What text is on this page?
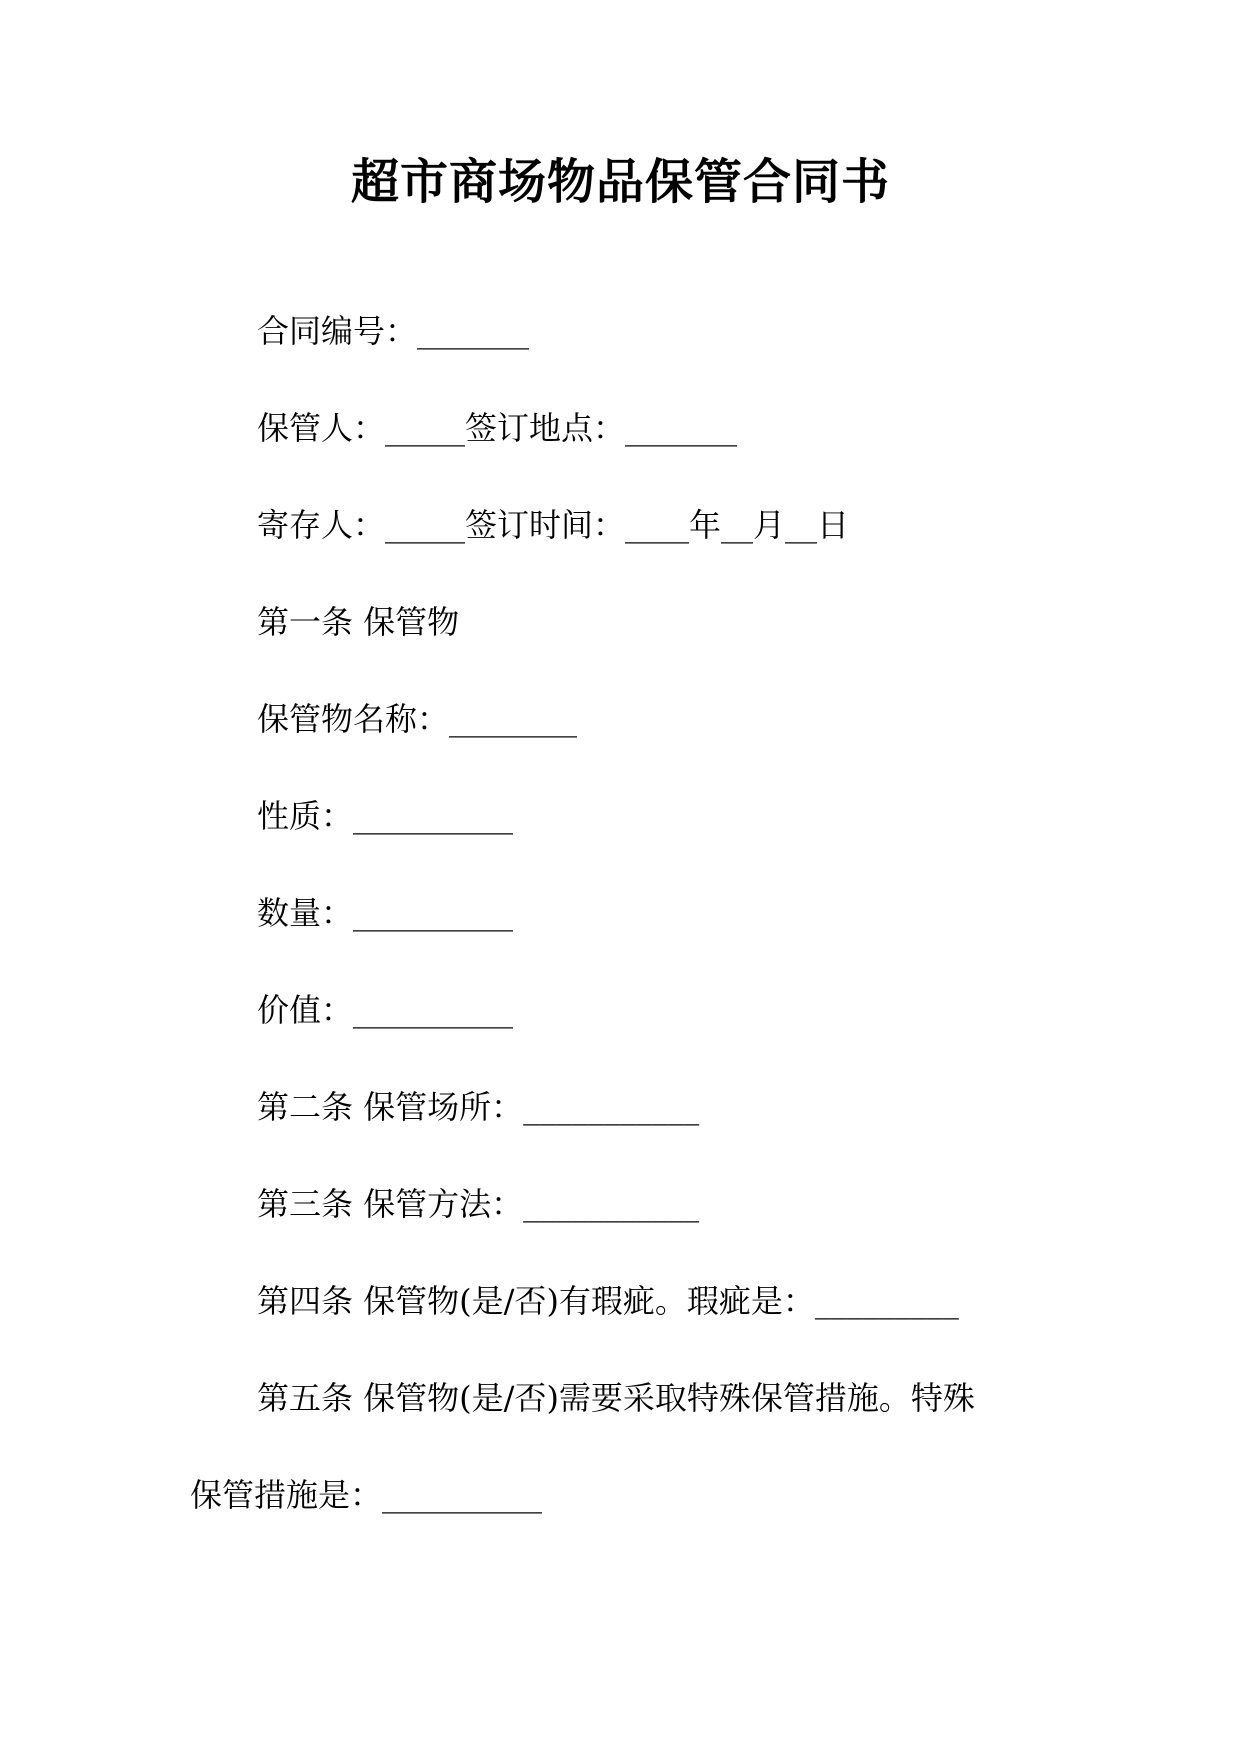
超市商场物品保管合同书
合同编号：_______
保管人：_____签订地点：_______
寄存人：_____签订时间：____年__月__日
第一条 保管物
保管物名称：________
性质：__________
数量：__________
价值：__________
第二条 保管场所：___________
第三条 保管方法：___________
第四条 保管物(是/否)有瑕疵。瑕疵是：_________
第五条 保管物(是/否)需要采取特殊保管措施。特殊
保管措施是：__________
